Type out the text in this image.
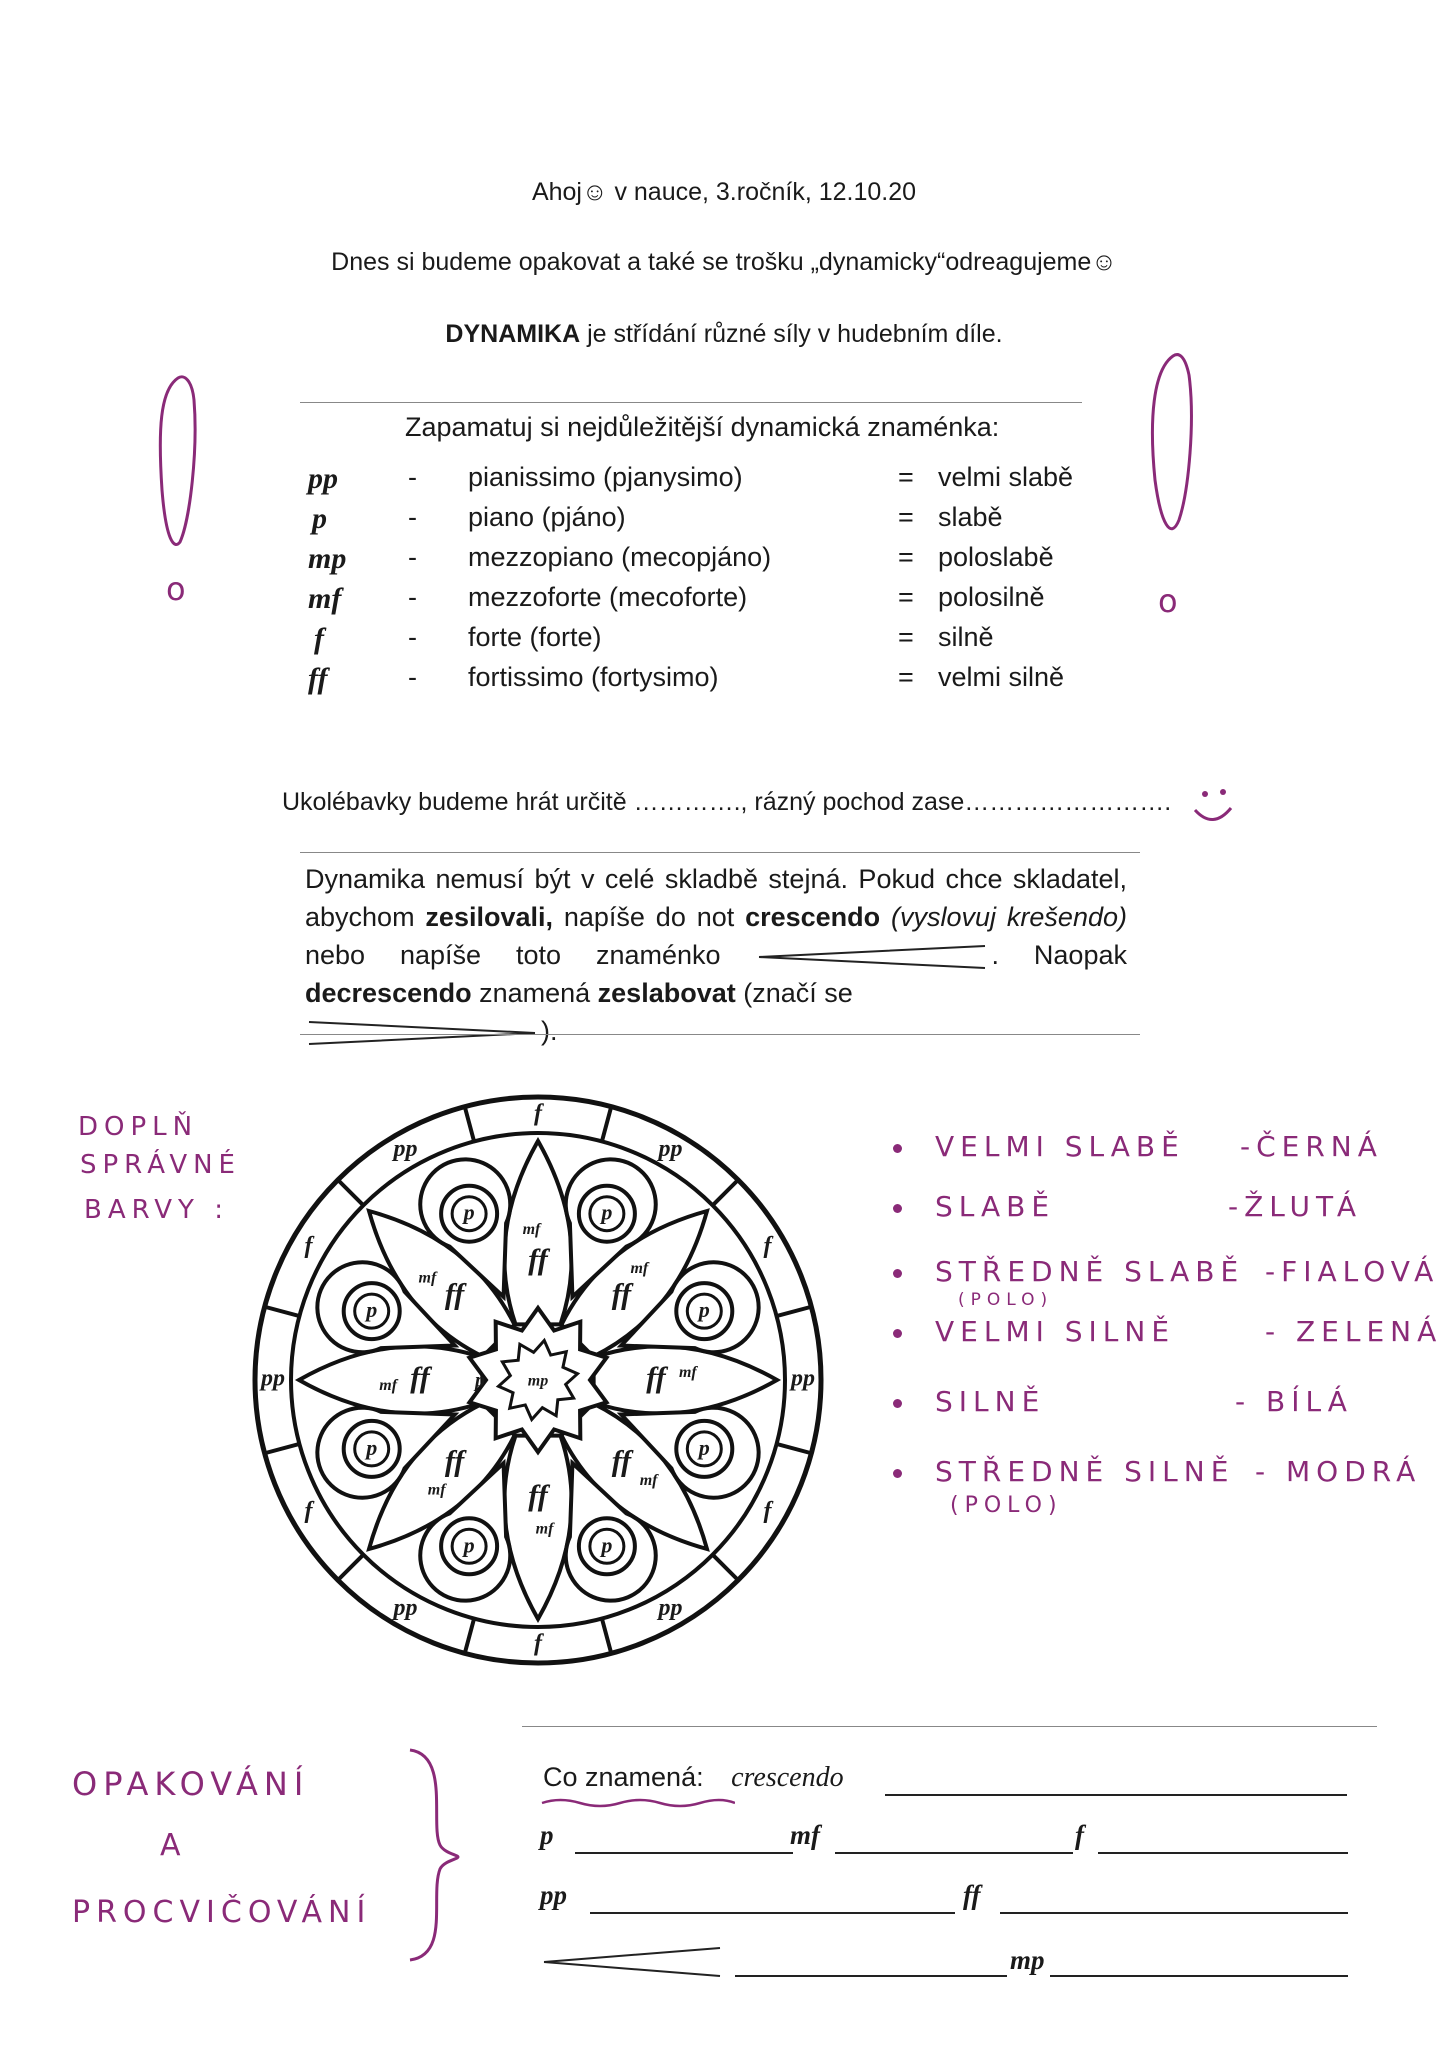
Ahoj☺ v nauce, 3.ročník, 12.10.20
Dnes si budeme opakovat a také se trošku „dynamicky“odreagujeme☺
DYNAMIKA je střídání různé síly v hudebním díle.
Zapamatuj si nejdůležitější dynamická znaménka:
pp	- pianissimo (pjanysimo)	= velmi slabě
p	- piano (pjáno)	= slabě
mp - mezzopiano (mecopjáno)	= poloslabě
mf - mezzoforte (mecoforte)	= polosilně
f	- forte (forte)	= silně
ff	- fortissimo (fortysimo)	= velmi silně
o	o
Ukolébavky budeme hrát určitě …………., rázný pochod zase…………………….
Dynamika nemusí být v celé skladbě stejná. Pokud chce skladatel, abychom zesilovali, napíše do not crescendo (vyslovuj krešendo) nebo napíše toto znaménko	. Naopak decrescendo znamená zeslabovat (značí se
).
DOPLŇ
SPRÁVNÉ
BARVY :
f
pp
f
pp
f
pp
f
pp
f
pp
f
pp
ff
ff
ff
ff
ff
ff
ff
ff
p
mf
p
mf
p
mf
p
mf
p
mf
p
mf
p
mf
p
mf
mp
p
VELMI SLABĚ -ČERNÁ
SLABĚ	-ŽLUTÁ
STŘEDNĚ SLABĚ -FIALOVÁ
VELMI SILNĚ	- ZELENÁ
SILNĚ	- BÍLÁ
STŘEDNĚ SILNĚ - MODRÁ
(POLO)
(POLO)
OPAKOVÁNÍ
A
PROCVIČOVÁNÍ
Co znamená: crescendo
p	mf	f
pp	ff
mp
